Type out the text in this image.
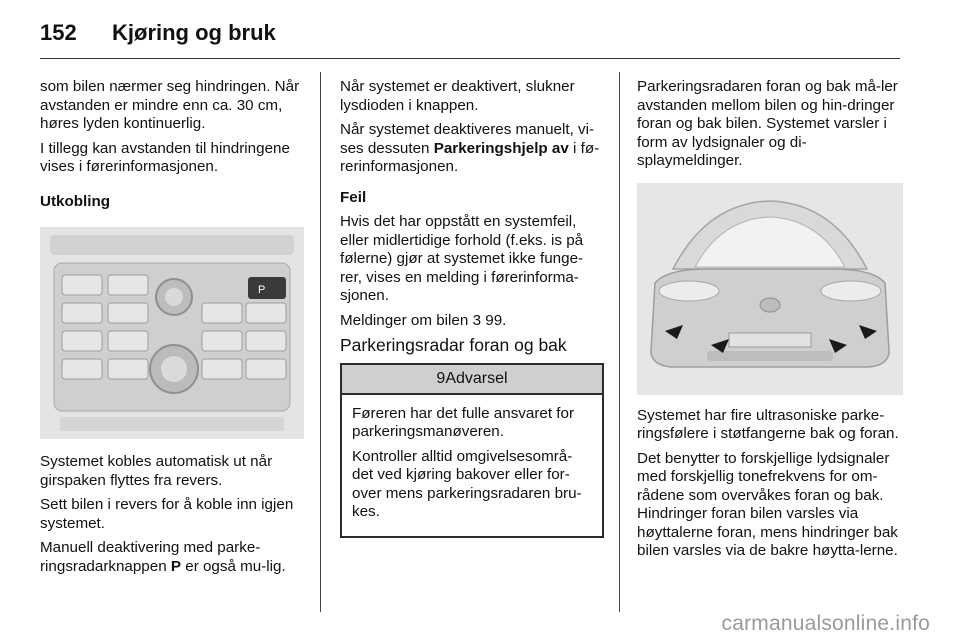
152 Kjøring og bruk

som bilen nærmer seg hindringen. Når avstanden er mindre enn ca. 30 cm, høres lyden kontinuerlig.

I tillegg kan avstanden til hindringene vises i førerinformasjonen.

Utkobling

P

Systemet kobles automatisk ut når girspaken flyttes fra revers.

Sett bilen i revers for å koble inn igjen systemet.

Manuell deaktivering med parke-ringsradarknappen P er også mu-lig.

Når systemet er deaktivert, slukner lysdioden i knappen.

Når systemet deaktiveres manuelt, vi-ses dessuten Parkeringshjelp av i fø-rerinformasjonen.

Feil

Hvis det har oppstått en systemfeil, eller midlertidige forhold (f.eks. is på følerne) gjør at systemet ikke funge-rer, vises en melding i førerinforma-sjonen.

Meldinger om bilen 3 99.

Parkeringsradar foran og bak

9Advarsel

Føreren har det fulle ansvaret for parkeringsmanøveren.

Kontroller alltid omgivelsesområ-det ved kjøring bakover eller for-over mens parkeringsradaren bru-kes.

Parkeringsradaren foran og bak må-ler avstanden mellom bilen og hin-dringer foran og bak bilen. Systemet varsler i form av lydsignaler og di-splaymeldinger.

Systemet har fire ultrasoniske parke-ringsfølere i støtfangerne bak og foran.

Det benytter to forskjellige lydsignaler med forskjellig tonefrekvens for om-rådene som overvåkes foran og bak. Hindringer foran bilen varsles via høyttalerne foran, mens hindringer bak bilen varsles via de bakre høytta-lerne.

carmanualsonline.info
